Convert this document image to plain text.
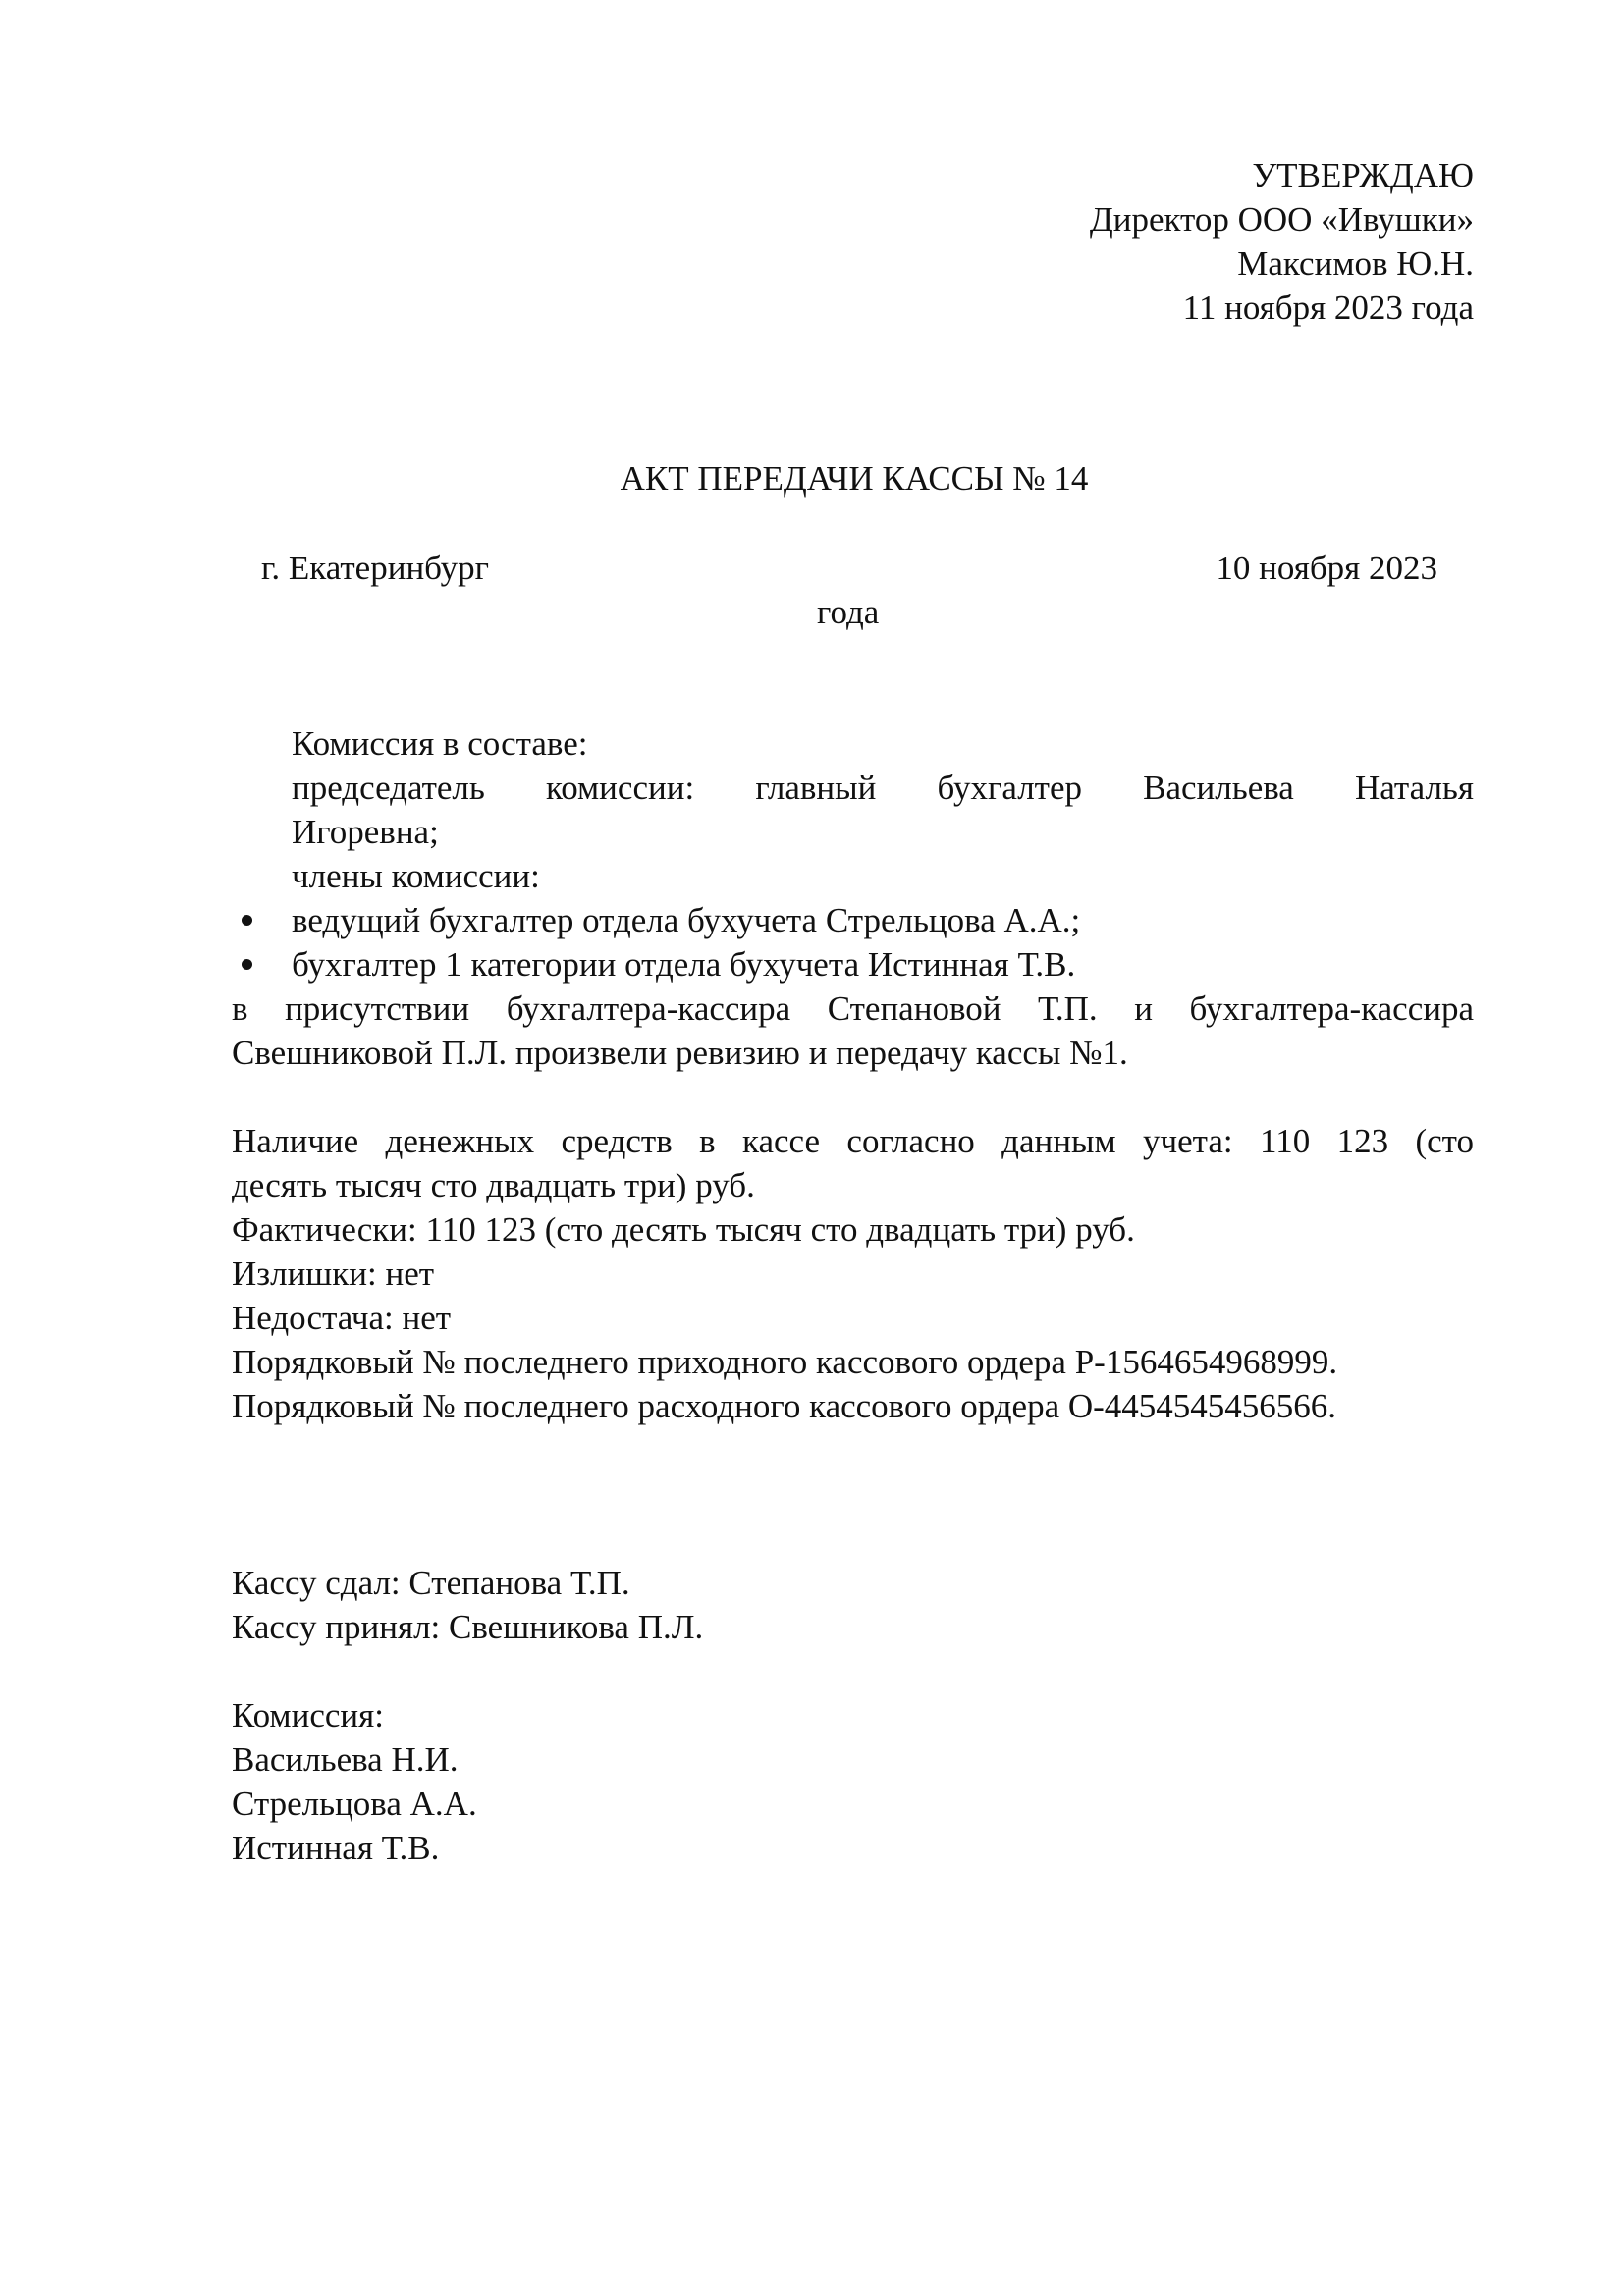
УТВЕРЖДАЮ
Директор ООО «Ивушки»
Максимов Ю.Н.
11 ноября 2023 года
АКТ ПЕРЕДАЧИ КАССЫ № 14
г. Екатеринбург	10 ноября 2023
года
Комиссия в составе:
председатель комиссии: главный бухгалтер Васильева Наталья
Игоревна;
члены комиссии:
ведущий бухгалтер отдела бухучета Стрельцова А.А.;
бухгалтер 1 категории отдела бухучета Истинная Т.В.
в присутствии бухгалтера-кассира Степановой Т.П. и бухгалтера-кассира
Свешниковой П.Л. произвели ревизию и передачу кассы №1.
Наличие денежных средств в кассе согласно данным учета: 110 123 (сто
десять тысяч сто двадцать три) руб.
Фактически: 110 123 (сто десять тысяч сто двадцать три) руб.
Излишки: нет
Недостача: нет
Порядковый № последнего приходного кассового ордера Р-1564654968999.
Порядковый № последнего расходного кассового ордера О-4454545456566.
Кассу сдал: Степанова Т.П.
Кассу принял: Свешникова П.Л.
Комиссия:
Васильева Н.И.
Стрельцова А.А.
Истинная Т.В.
